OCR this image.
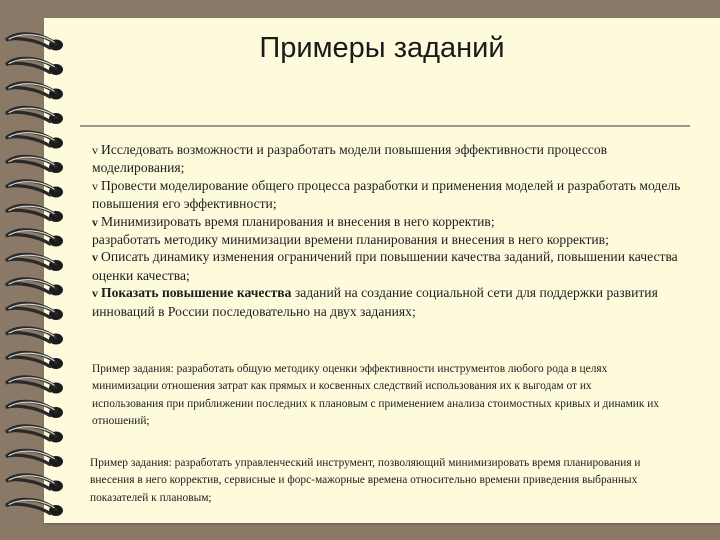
Примеры заданий

v Исследовать возможности и разработать модели повышения эффективности процессов моделирования;

v Провести моделирование общего процесса разработки и применения моделей и разработать модель повышения его эффективности;

v Минимизировать время планирования и внесения в него корректив;

разработать методику минимизации времени планирования и внесения в него корректив;

v Описать динамику изменения ограничений при повышении качества заданий, повышении качества оценки качества;

v Показать повышение качества заданий на создание социальной сети для поддержки развития инноваций в России последовательно на двух заданиях;

Пример задания: разработать общую методику оценки эффективности инструментов любого рода в целях минимизации отношения затрат как прямых и косвенных следствий использования их к выгодам от их использования при приближении последних к плановым с применением анализа стоимостных кривых и динамик их отношений;
Пример задания: разработать управленческий инструмент, позволяющий минимизировать время планирования и внесения в него корректив, сервисные и форс-мажорные времена относительно времени приведения выбранных показателей к плановым;
